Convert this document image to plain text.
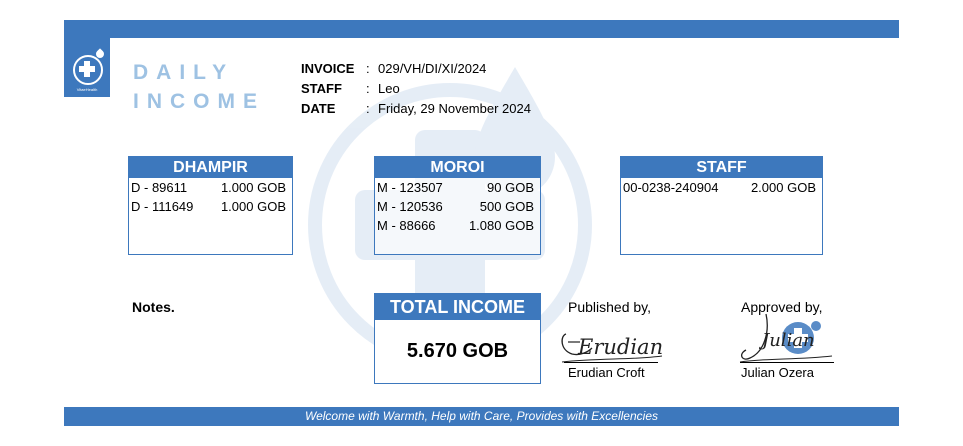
VitaeHealth
DAILY
INCOME
INVOICE : 029/VH/DI/XI/2024
STAFF : Leo
DATE : Friday, 29 November 2024
DHAMPIR
D - 89611	1.000 GOB
D - 111649 1.000 GOB
MOROI
M - 123507	90 GOB
M - 120536	500 GOB
M - 88666	1.080 GOB
STAFF
00-0238-240904	2.000 GOB
Notes.	TOTAL INCOME
5.670 GOB
Published by,
Erudian
Erudian Croft
Approved by,
Julian
Julian Ozera
Welcome with Warmth, Help with Care, Provides with Excellencies
